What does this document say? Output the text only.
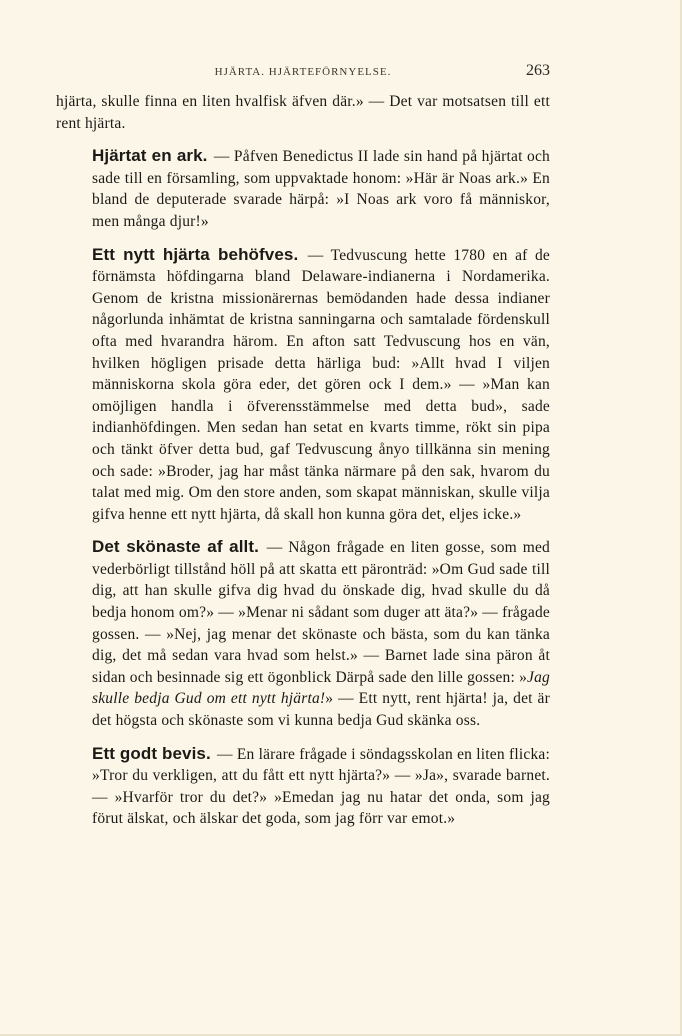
HJÄRTA. HJÄRTEFÖRNYELSE.	263

hjärta, skulle finna en liten hvalfisk äfven där.» — Det var motsatsen till ett rent hjärta.

Hjärtat en ark. — Påfven Benedictus II lade sin hand på hjärtat och sade till en församling, som uppvaktade honom: »Här är Noas ark.» En bland de deputerade svarade härpå: »I Noas ark voro få människor, men många djur!»

Ett nytt hjärta behöfves. — Tedvuscung hette 1780 en af de förnämsta höfdingarna bland Delaware-indianerna i Nordamerika. Genom de kristna missionärernas bemödanden hade dessa indianer någorlunda inhämtat de kristna sanningarna och samtalade fördenskull ofta med hvarandra härom. En afton satt Tedvuscung hos en vän, hvilken högligen prisade detta härliga bud: »Allt hvad I viljen människorna skola göra eder, det gören ock I dem.» — »Man kan omöjligen handla i öfverensstämmelse med detta bud», sade indianhöfdingen. Men sedan han setat en kvarts timme, rökt sin pipa och tänkt öfver detta bud, gaf Tedvuscung ånyo tillkänna sin mening och sade: »Broder, jag har måst tänka närmare på den sak, hvarom du talat med mig. Om den store anden, som skapat människan, skulle vilja gifva henne ett nytt hjärta, då skall hon kunna göra det, eljes icke.»

Det skönaste af allt. — Någon frågade en liten gosse, som med vederbörligt tillstånd höll på att skatta ett päronträd: »Om Gud sade till dig, att han skulle gifva dig hvad du önskade dig, hvad skulle du då bedja honom om?» — »Menar ni sådant som duger att äta?» — frågade gossen. — »Nej, jag menar det skönaste och bästa, som du kan tänka dig, det må sedan vara hvad som helst.» — Barnet lade sina päron åt sidan och besinnade sig ett ögonblick Därpå sade den lille gossen: »Jag skulle bedja Gud om ett nytt hjärta!» — Ett nytt, rent hjärta! ja, det är det högsta och skönaste som vi kunna bedja Gud skänka oss.

Ett godt bevis. — En lärare frågade i söndagsskolan en liten flicka: »Tror du verkligen, att du fått ett nytt hjärta?» — »Ja», svarade barnet. — »Hvarför tror du det?» »Emedan jag nu hatar det onda, som jag förut älskat, och älskar det goda, som jag förr var emot.»
